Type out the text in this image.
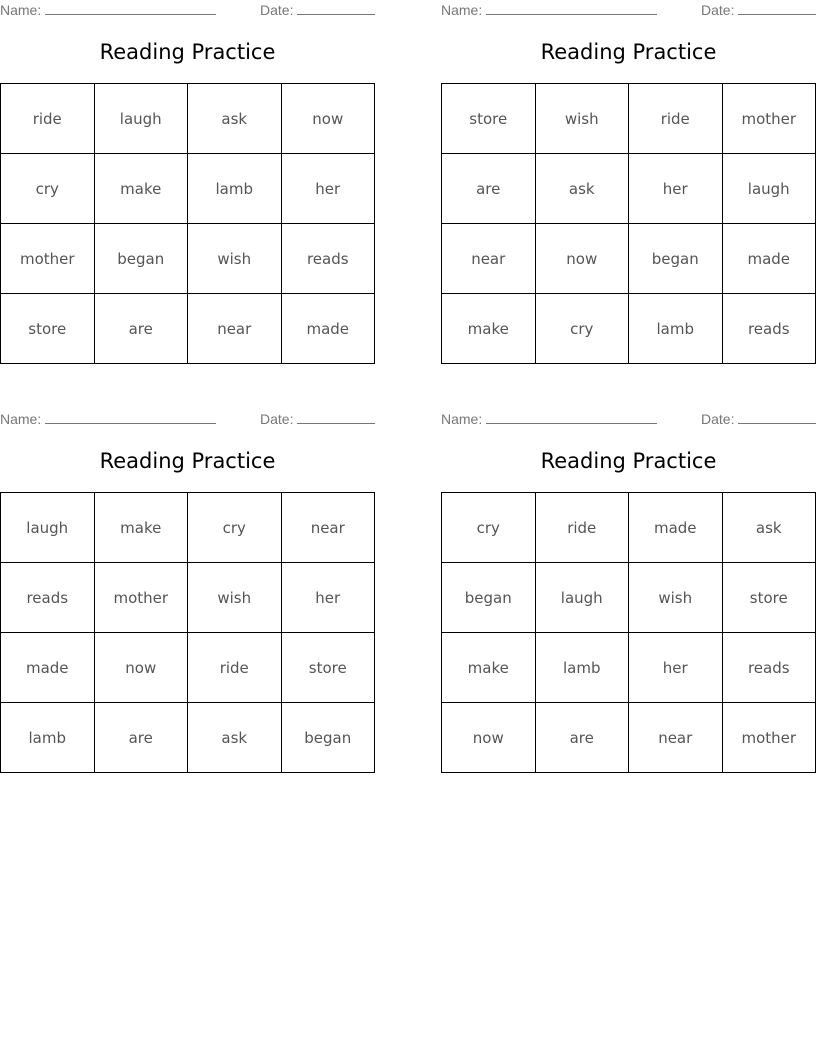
Name:	Date:
Reading Practice
ride	laugh	ask	now
cry	make	lamb	her
mother	began	wish	reads
store	are	near	made
Name:	Date:
Reading Practice
store	wish	ride	mother
are	ask	her	laugh
near	now	began	made
make	cry	lamb	reads
Name:	Date:
Reading Practice
laugh	make	cry	near
reads	mother	wish	her
made	now	ride	store
lamb	are	ask	began
Name:	Date:
Reading Practice
cry	ride	made	ask
began	laugh	wish	store
make	lamb	her	reads
now	are	near	mother
